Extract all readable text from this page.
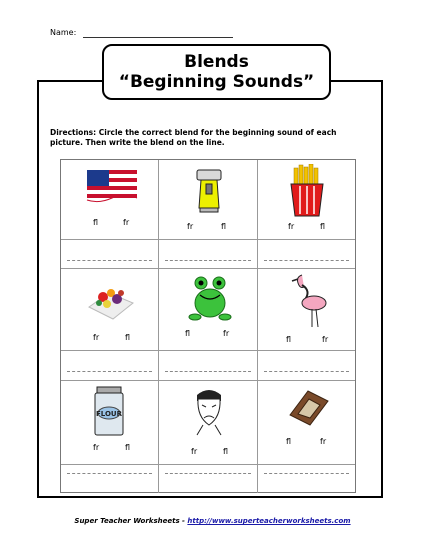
Name:
Blends
“Beginning Sounds”
Directions: Circle the correct blend for the beginning sound of each picture. Then write the blend on the line.
fl	fr	fr	fl	fr	fl
fr	fl	fl	fr
fl	fr
FLOUR
fr	fl	fr	fl
fl	fr
Super Teacher Worksheets - http://www.superteacherworksheets.com
